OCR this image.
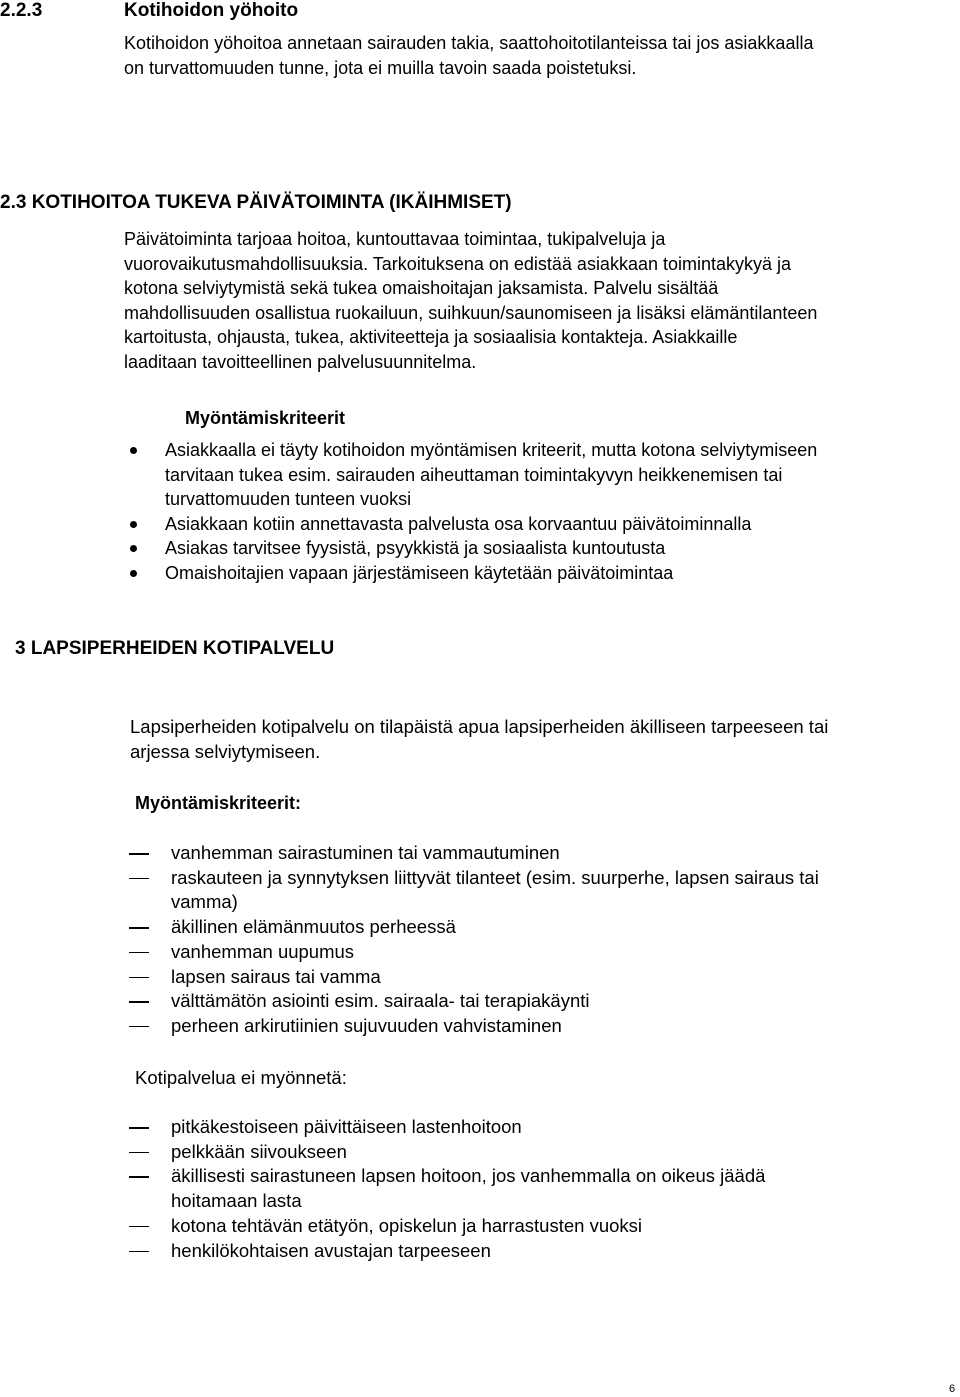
2.2.3	Kotihoidon yöhoito
Kotihoidon yöhoitoa annetaan sairauden takia, saattohoitotilanteissa tai jos asiakkaalla
on turvattomuuden tunne, jota ei muilla tavoin saada poistetuksi.
2.3 KOTIHOITOA TUKEVA PÄIVÄTOIMINTA (IKÄIHMISET)
Päivätoiminta tarjoaa hoitoa, kuntouttavaa toimintaa, tukipalveluja ja
vuorovaikutusmahdollisuuksia. Tarkoituksena on edistää asiakkaan toimintakykyä ja
kotona selviytymistä sekä tukea omaishoitajan jaksamista. Palvelu sisältää
mahdollisuuden osallistua ruokailuun, suihkuun/saunomiseen ja lisäksi elämäntilanteen
kartoitusta, ohjausta, tukea, aktiviteetteja ja sosiaalisia kontakteja. Asiakkaille
laaditaan tavoitteellinen palvelusuunnitelma.
Myöntämiskriteerit
Asiakkaalla ei täyty kotihoidon myöntämisen kriteerit, mutta kotona selviytymiseen
tarvitaan tukea esim. sairauden aiheuttaman toimintakyvyn heikkenemisen tai
turvattomuuden tunteen vuoksi
Asiakkaan kotiin annettavasta palvelusta osa korvaantuu päivätoiminnalla
Asiakas tarvitsee fyysistä, psyykkistä ja sosiaalista kuntoutusta
Omaishoitajien vapaan järjestämiseen käytetään päivätoimintaa
3 LAPSIPERHEIDEN KOTIPALVELU
Lapsiperheiden kotipalvelu on tilapäistä apua lapsiperheiden äkilliseen tarpeeseen tai
arjessa selviytymiseen.
Myöntämiskriteerit:
vanhemman sairastuminen tai vammautuminen
raskauteen ja synnytyksen liittyvät tilanteet (esim. suurperhe, lapsen sairaus tai
vamma)
äkillinen elämänmuutos perheessä
vanhemman uupumus
lapsen sairaus tai vamma
välttämätön asiointi esim. sairaala- tai terapiakäynti
perheen arkirutiinien sujuvuuden vahvistaminen
Kotipalvelua ei myönnetä:
pitkäkestoiseen päivittäiseen lastenhoitoon
pelkkään siivoukseen
äkillisesti sairastuneen lapsen hoitoon, jos vanhemmalla on oikeus jäädä
hoitamaan lasta
kotona tehtävän etätyön, opiskelun ja harrastusten vuoksi
henkilökohtaisen avustajan tarpeeseen
6
